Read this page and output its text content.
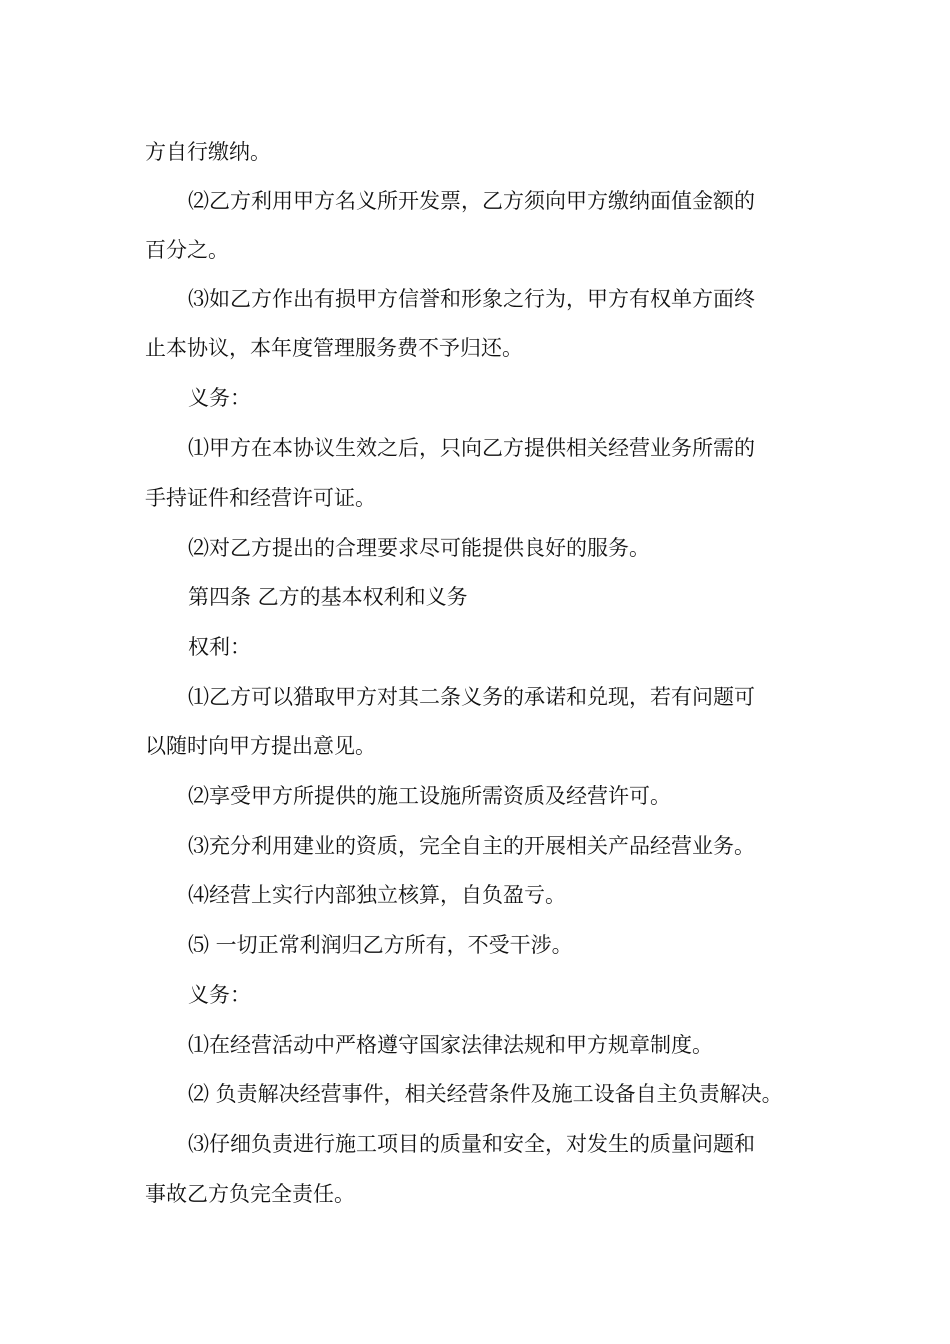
方自行缴纳。
⑵乙方利用甲方名义所开发票，乙方须向甲方缴纳面值金额的
百分之。
⑶如乙方作出有损甲方信誉和形象之行为，甲方有权单方面终
止本协议，本年度管理服务费不予归还。
义务：
⑴甲方在本协议生效之后，只向乙方提供相关经营业务所需的
手持证件和经营许可证。
⑵对乙方提出的合理要求尽可能提供良好的服务。
第四条 乙方的基本权利和义务
权利：
⑴乙方可以猎取甲方对其二条义务的承诺和兑现，若有问题可
以随时向甲方提出意见。
⑵享受甲方所提供的施工设施所需资质及经营许可。
⑶充分利用建业的资质，完全自主的开展相关产品经营业务。
⑷经营上实行内部独立核算，自负盈亏。
⑸ 一切正常利润归乙方所有，不受干涉。
义务：
⑴在经营活动中严格遵守国家法律法规和甲方规章制度。
⑵ 负责解决经营事件，相关经营条件及施工设备自主负责解决。
⑶仔细负责进行施工项目的质量和安全，对发生的质量问题和
事故乙方负完全责任。
